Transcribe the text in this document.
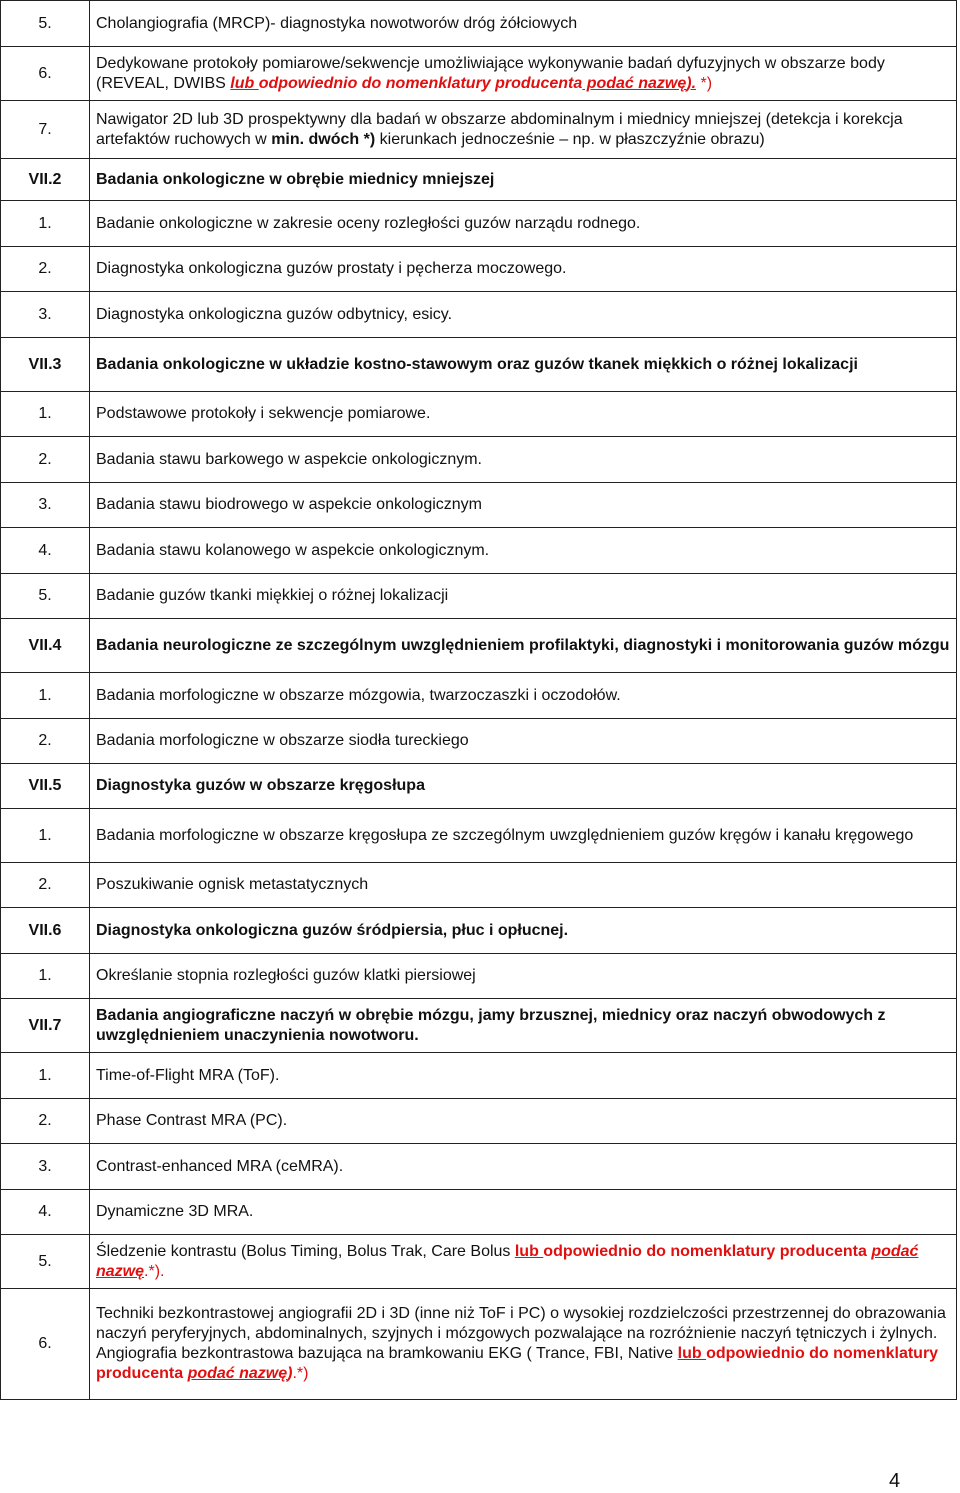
5.	Cholangiografia (MRCP)- diagnostyka nowotworów dróg żółciowych
6.	Dedykowane protokoły pomiarowe/sekwencje umożliwiające wykonywanie badań dyfuzyjnych w obszarze body (REVEAL, DWIBS lub odpowiednio do nomenklatury producenta podać nazwę). *)
7.	Nawigator 2D lub 3D prospektywny dla badań w obszarze abdominalnym i miednicy mniejszej (detekcja i korekcja artefaktów ruchowych w min. dwóch *) kierunkach jednocześnie – np. w płaszczyźnie obrazu)
VII.2	Badania onkologiczne w obrębie miednicy mniejszej
1.	Badanie onkologiczne w zakresie oceny rozległości guzów narządu rodnego.
2.	Diagnostyka onkologiczna guzów prostaty i pęcherza moczowego.
3.	Diagnostyka onkologiczna guzów odbytnicy, esicy.
VII.3	Badania onkologiczne w układzie kostno-stawowym oraz guzów tkanek miękkich o różnej lokalizacji
1.	Podstawowe protokoły i sekwencje pomiarowe.
2.	Badania stawu barkowego w aspekcie onkologicznym.
3.	Badania stawu biodrowego w aspekcie onkologicznym
4.	Badania stawu kolanowego w aspekcie onkologicznym.
5.	Badanie guzów tkanki miękkiej o różnej lokalizacji
VII.4	Badania neurologiczne ze szczególnym uwzględnieniem profilaktyki, diagnostyki i monitorowania guzów mózgu
1.	Badania morfologiczne w obszarze mózgowia, twarzoczaszki i oczodołów.
2.	Badania morfologiczne w obszarze siodła tureckiego
VII.5	Diagnostyka guzów w obszarze kręgosłupa
1.	Badania morfologiczne w obszarze kręgosłupa ze szczególnym uwzględnieniem guzów kręgów i kanału kręgowego
2.	Poszukiwanie ognisk metastatycznych
VII.6	Diagnostyka onkologiczna guzów śródpiersia, płuc i opłucnej.
1.	Określanie stopnia rozległości guzów klatki piersiowej
VII.7	Badania angiograficzne naczyń w obrębie mózgu, jamy brzusznej, miednicy oraz naczyń obwodowych z uwzględnieniem unaczynienia nowotworu.
1.	Time-of-Flight MRA (ToF).
2.	Phase Contrast MRA (PC).
3.	Contrast-enhanced MRA (ceMRA).
4.	Dynamiczne 3D MRA.
5.	Śledzenie kontrastu (Bolus Timing, Bolus Trak, Care Bolus lub odpowiednio do nomenklatury producenta podać nazwę.*).
6.	Techniki bezkontrastowej angiografii 2D i 3D (inne niż ToF i PC) o wysokiej rozdzielczości przestrzennej do obrazowania naczyń peryferyjnych, abdominalnych, szyjnych i mózgowych pozwalające na rozróżnienie naczyń tętniczych i żylnych.
Angiografia bezkontrastowa bazująca na bramkowaniu EKG ( Trance, FBI, Native lub odpowiednio do nomenklatury producenta podać nazwę).*)
4
